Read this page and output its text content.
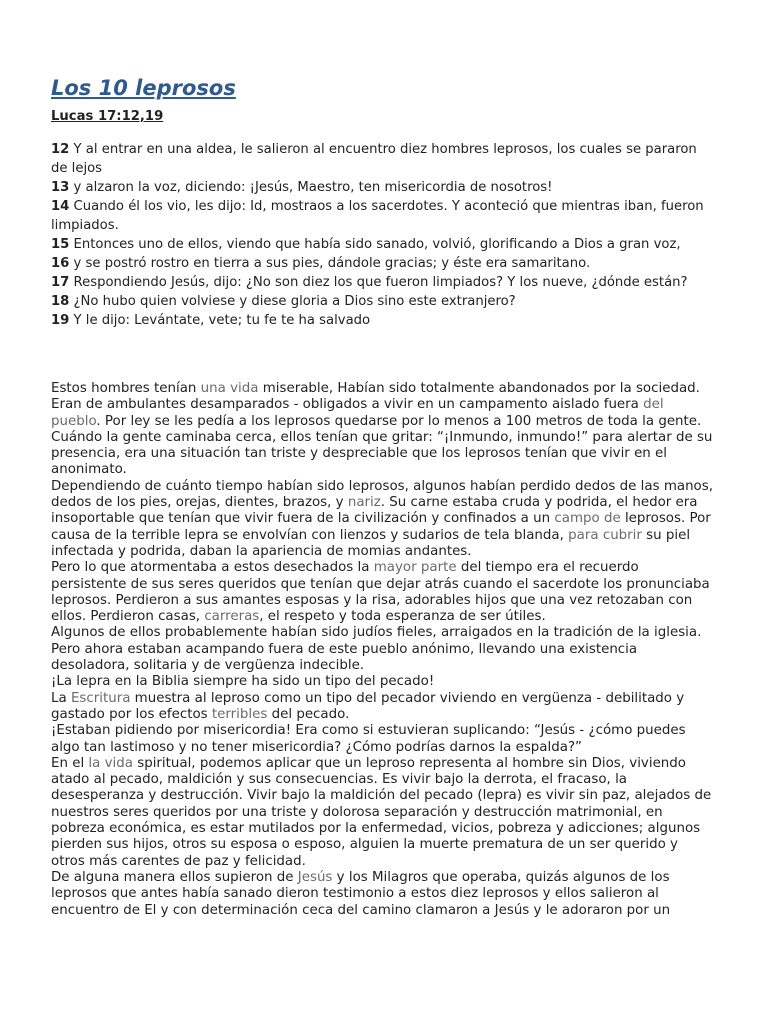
Los 10 leprosos
Lucas 17:12,19

12 Y al entrar en una aldea, le salieron al encuentro diez hombres leprosos, los cuales se pararon de lejos

13 y alzaron la voz, diciendo: ¡Jesús, Maestro, ten misericordia de nosotros!

14 Cuando él los vio, les dijo: Id, mostraos a los sacerdotes. Y aconteció que mientras iban, fueron limpiados.

15 Entonces uno de ellos, viendo que había sido sanado, volvió, glorificando a Dios a gran voz,

16 y se postró rostro en tierra a sus pies, dándole gracias; y éste era samaritano.

17 Respondiendo Jesús, dijo: ¿No son diez los que fueron limpiados? Y los nueve, ¿dónde están?

18 ¿No hubo quien volviese y diese gloria a Dios sino este extranjero?

19 Y le dijo: Levántate, vete; tu fe te ha salvado

Estos hombres tenían una vida miserable, Habían sido totalmente abandonados por la sociedad.

Eran de ambulantes desamparados - obligados a vivir en un campamento aislado fuera del pueblo. Por ley se les pedía a los leprosos quedarse por lo menos a 100 metros de toda la gente. Cuándo la gente caminaba cerca, ellos tenían que gritar: “¡Inmundo, inmundo!” para alertar de su presencia, era una situación tan triste y despreciable que los leprosos tenían que vivir en el anonimato.

Dependiendo de cuánto tiempo habían sido leprosos, algunos habían perdido dedos de las manos, dedos de los pies, orejas, dientes, brazos, y nariz. Su carne estaba cruda y podrida, el hedor era insoportable que tenían que vivir fuera de la civilización y confinados a un campo de leprosos. Por causa de la terrible lepra se envolvían con lienzos y sudarios de tela blanda, para cubrir su piel infectada y podrida, daban la apariencia de momias andantes.

Pero lo que atormentaba a estos desechados la mayor parte del tiempo era el recuerdo persistente de sus seres queridos que tenían que dejar atrás cuando el sacerdote los pronunciaba leprosos. Perdieron a sus amantes esposas y la risa, adorables hijos que una vez retozaban con ellos. Perdieron casas, carreras, el respeto y toda esperanza de ser útiles.

Algunos de ellos probablemente habían sido judíos fieles, arraigados en la tradición de la iglesia. Pero ahora estaban acampando fuera de este pueblo anónimo, llevando una existencia desoladora, solitaria y de vergüenza indecible.

¡La lepra en la Biblia siempre ha sido un tipo del pecado!

La Escritura muestra al leproso como un tipo del pecador viviendo en vergüenza - debilitado y gastado por los efectos terribles del pecado.

¡Estaban pidiendo por misericordia! Era como si estuvieran suplicando: “Jesús - ¿cómo puedes algo tan lastimoso y no tener misericordia? ¿Cómo podrías darnos la espalda?”

En el la vida spiritual, podemos aplicar que un leproso representa al hombre sin Dios, viviendo atado al pecado, maldición y sus consecuencias. Es vivir bajo la derrota, el fracaso, la desesperanza y destrucción. Vivir bajo la maldición del pecado (lepra) es vivir sin paz, alejados de nuestros seres queridos por una triste y dolorosa separación y destrucción matrimonial, en pobreza económica, es estar mutilados por la enfermedad, vicios, pobreza y adicciones; algunos pierden sus hijos, otros su esposa o esposo, alguien la muerte prematura de un ser querido y otros más carentes de paz y felicidad.

De alguna manera ellos supieron de Jesús y los Milagros que operaba, quizás algunos de los leprosos que antes había sanado dieron testimonio a estos diez leprosos y ellos salieron al encuentro de El y con determinación ceca del camino clamaron a Jesús y le adoraron por un
